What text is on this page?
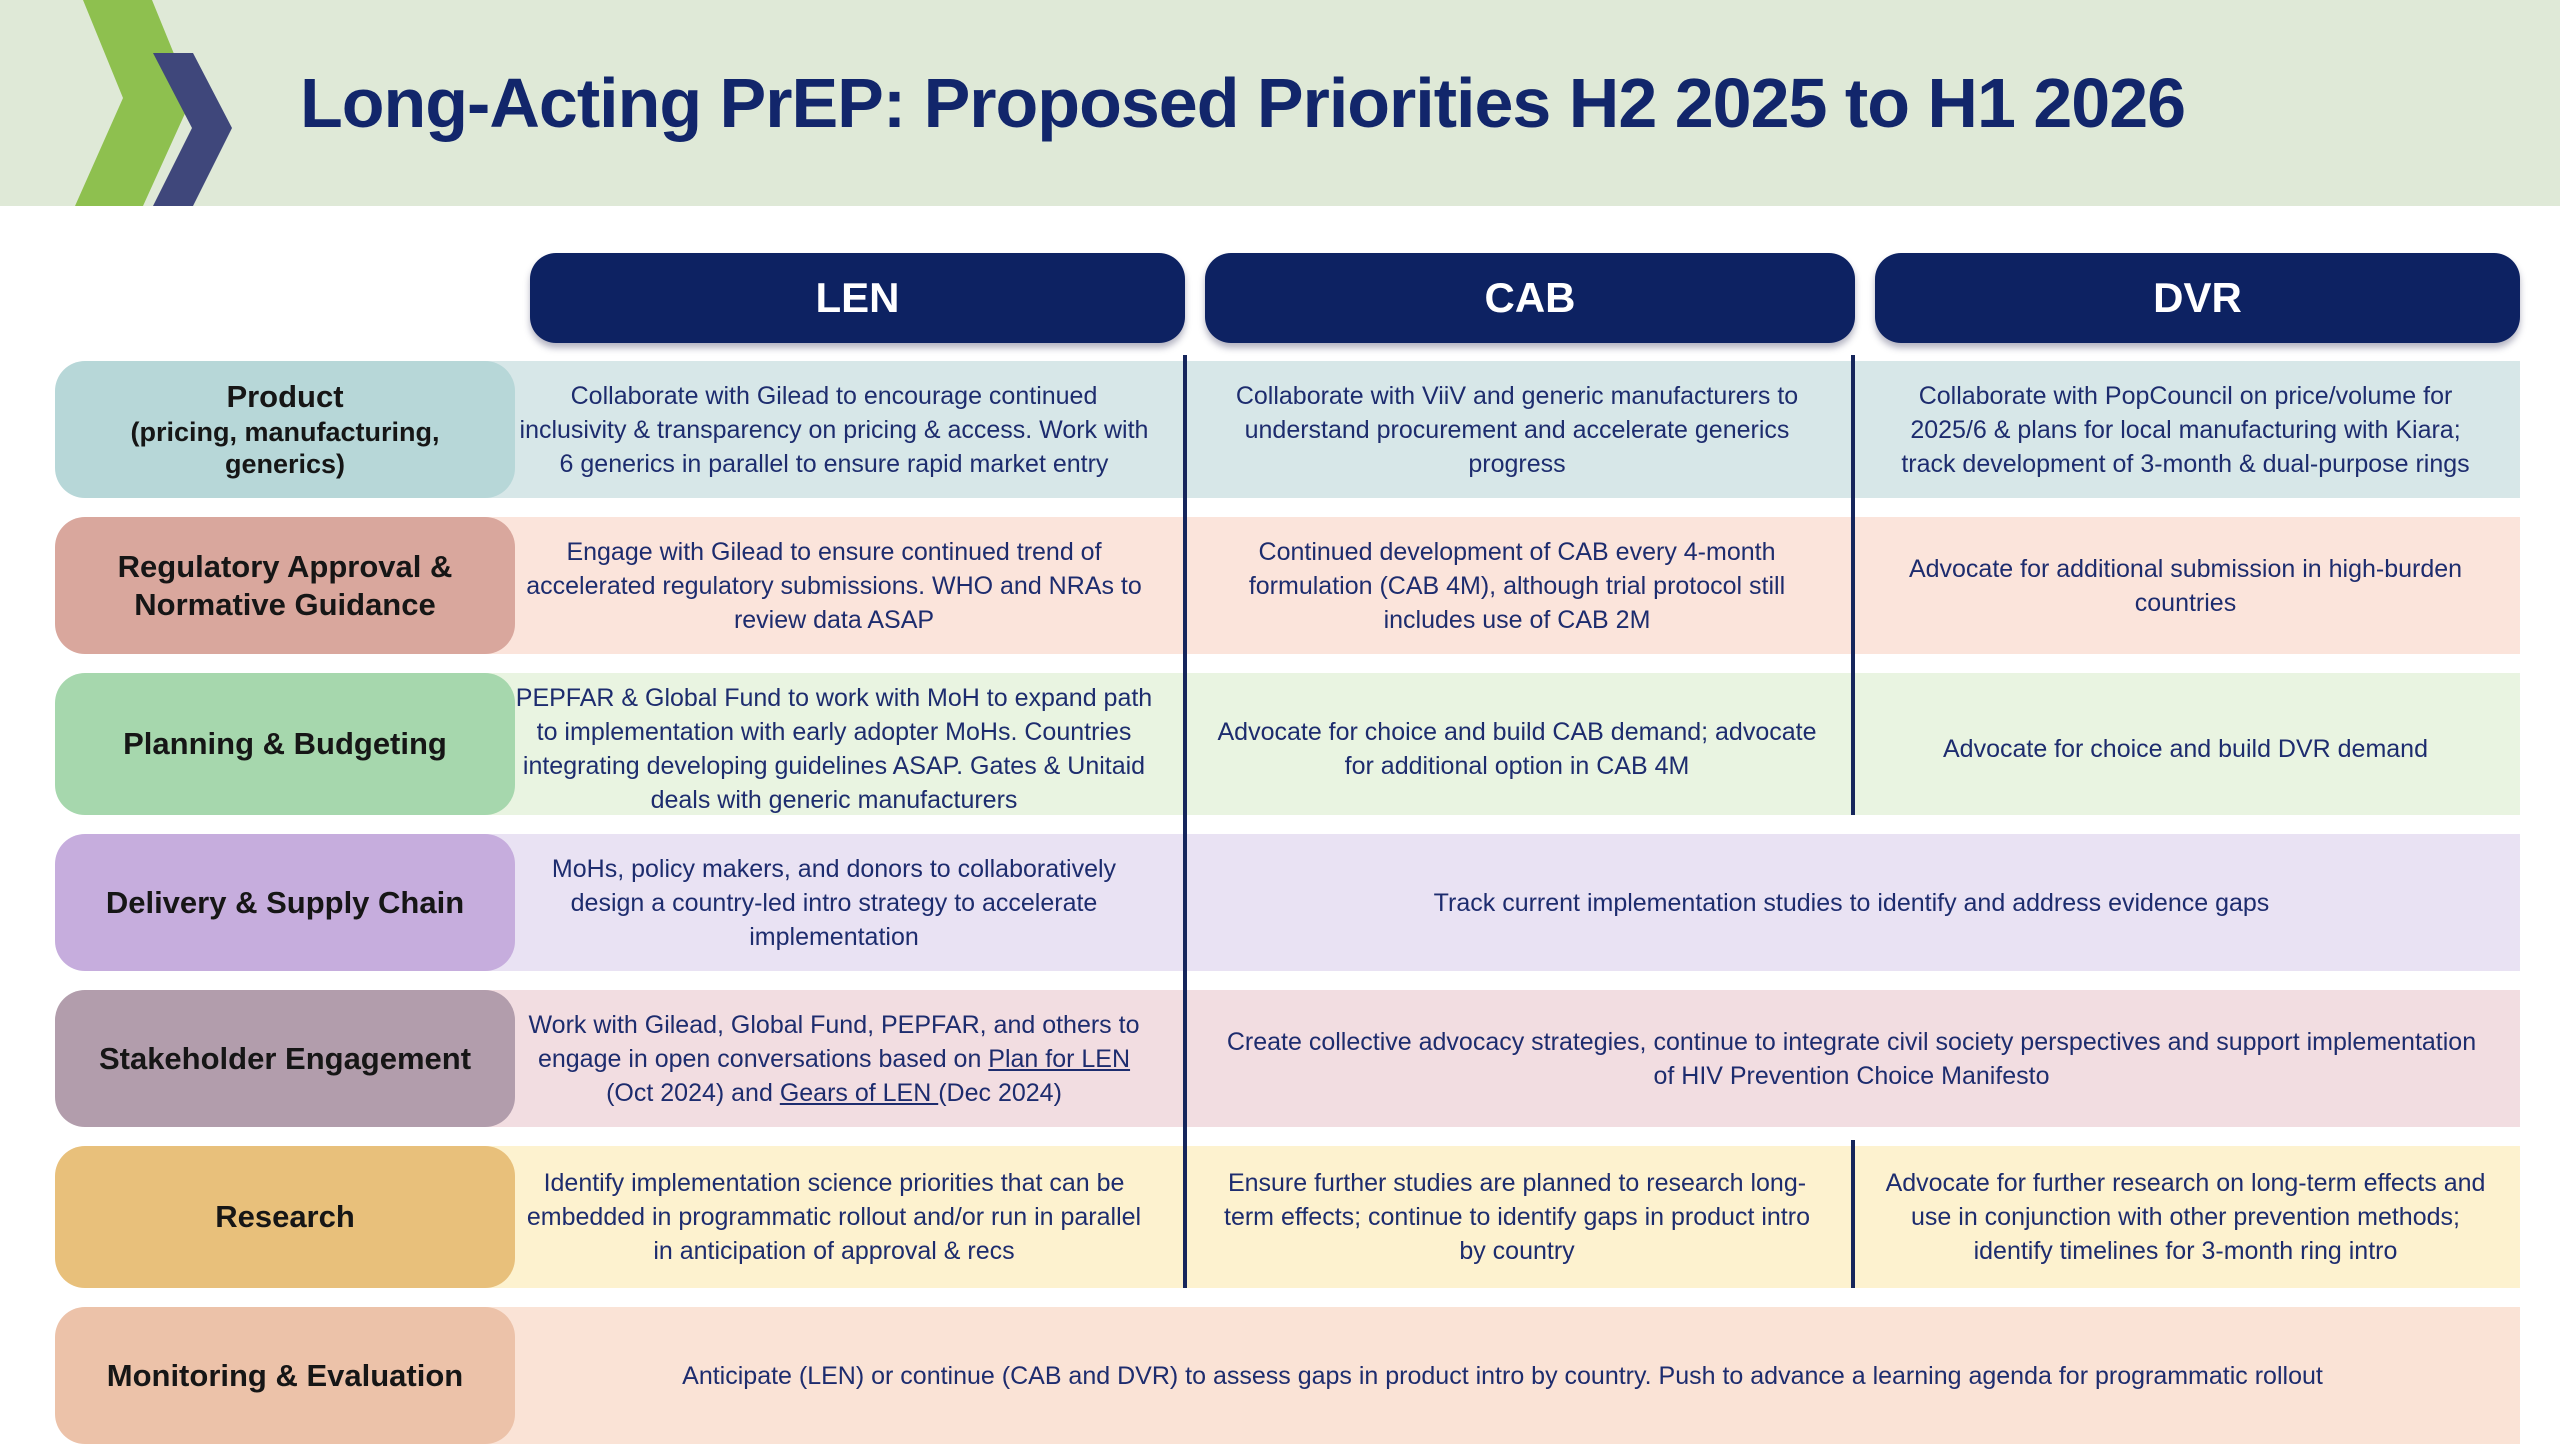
Long-Acting PrEP: Proposed Priorities H2 2025 to H1 2026
LEN	CAB	DVR
Collaborate with Gilead to encourage continued inclusivity & transparency on pricing & access. Work with 6 generics in parallel to ensure rapid market entry
Collaborate with ViiV and generic manufacturers to understand procurement and accelerate generics progress
Collaborate with PopCouncil on price/volume for 2025/6 & plans for local manufacturing with Kiara; track development of 3-month & dual-purpose rings
Product
(pricing, manufacturing, generics)
Engage with Gilead to ensure continued trend of accelerated regulatory submissions. WHO and NRAs to review data ASAP
Continued development of CAB every 4-month formulation (CAB 4M), although trial protocol still includes use of CAB 2M
Advocate for additional submission in high-burden countries
Regulatory Approval & Normative Guidance
PEPFAR & Global Fund to work with MoH to expand path to implementation with early adopter MoHs. Countries integrating developing guidelines ASAP. Gates & Unitaid deals with generic manufacturers
Advocate for choice and build CAB demand; advocate for additional option in CAB 4M
Advocate for choice and build DVR demand
Planning & Budgeting
MoHs, policy makers, and donors to collaboratively design a country-led intro strategy to accelerate implementation
Track current implementation studies to identify and address evidence gaps
Delivery & Supply Chain

Work with Gilead, Global Fund, PEPFAR, and others to engage in open conversations based on Plan for LEN (Oct 2024) and Gears of LEN (Dec 2024)

Create collective advocacy strategies, continue to integrate civil society perspectives and support implementation of HIV Prevention Choice Manifesto
Stakeholder Engagement
Identify implementation science priorities that can be embedded in programmatic rollout and/or run in parallel in anticipation of approval & recs
Ensure further studies are planned to research long-term effects; continue to identify gaps in product intro by country
Advocate for further research on long-term effects and use in conjunction with other prevention methods; identify timelines for 3-month ring intro
Research
Anticipate (LEN) or continue (CAB and DVR) to assess gaps in product intro by country. Push to advance a learning agenda for programmatic rollout
Monitoring & Evaluation
